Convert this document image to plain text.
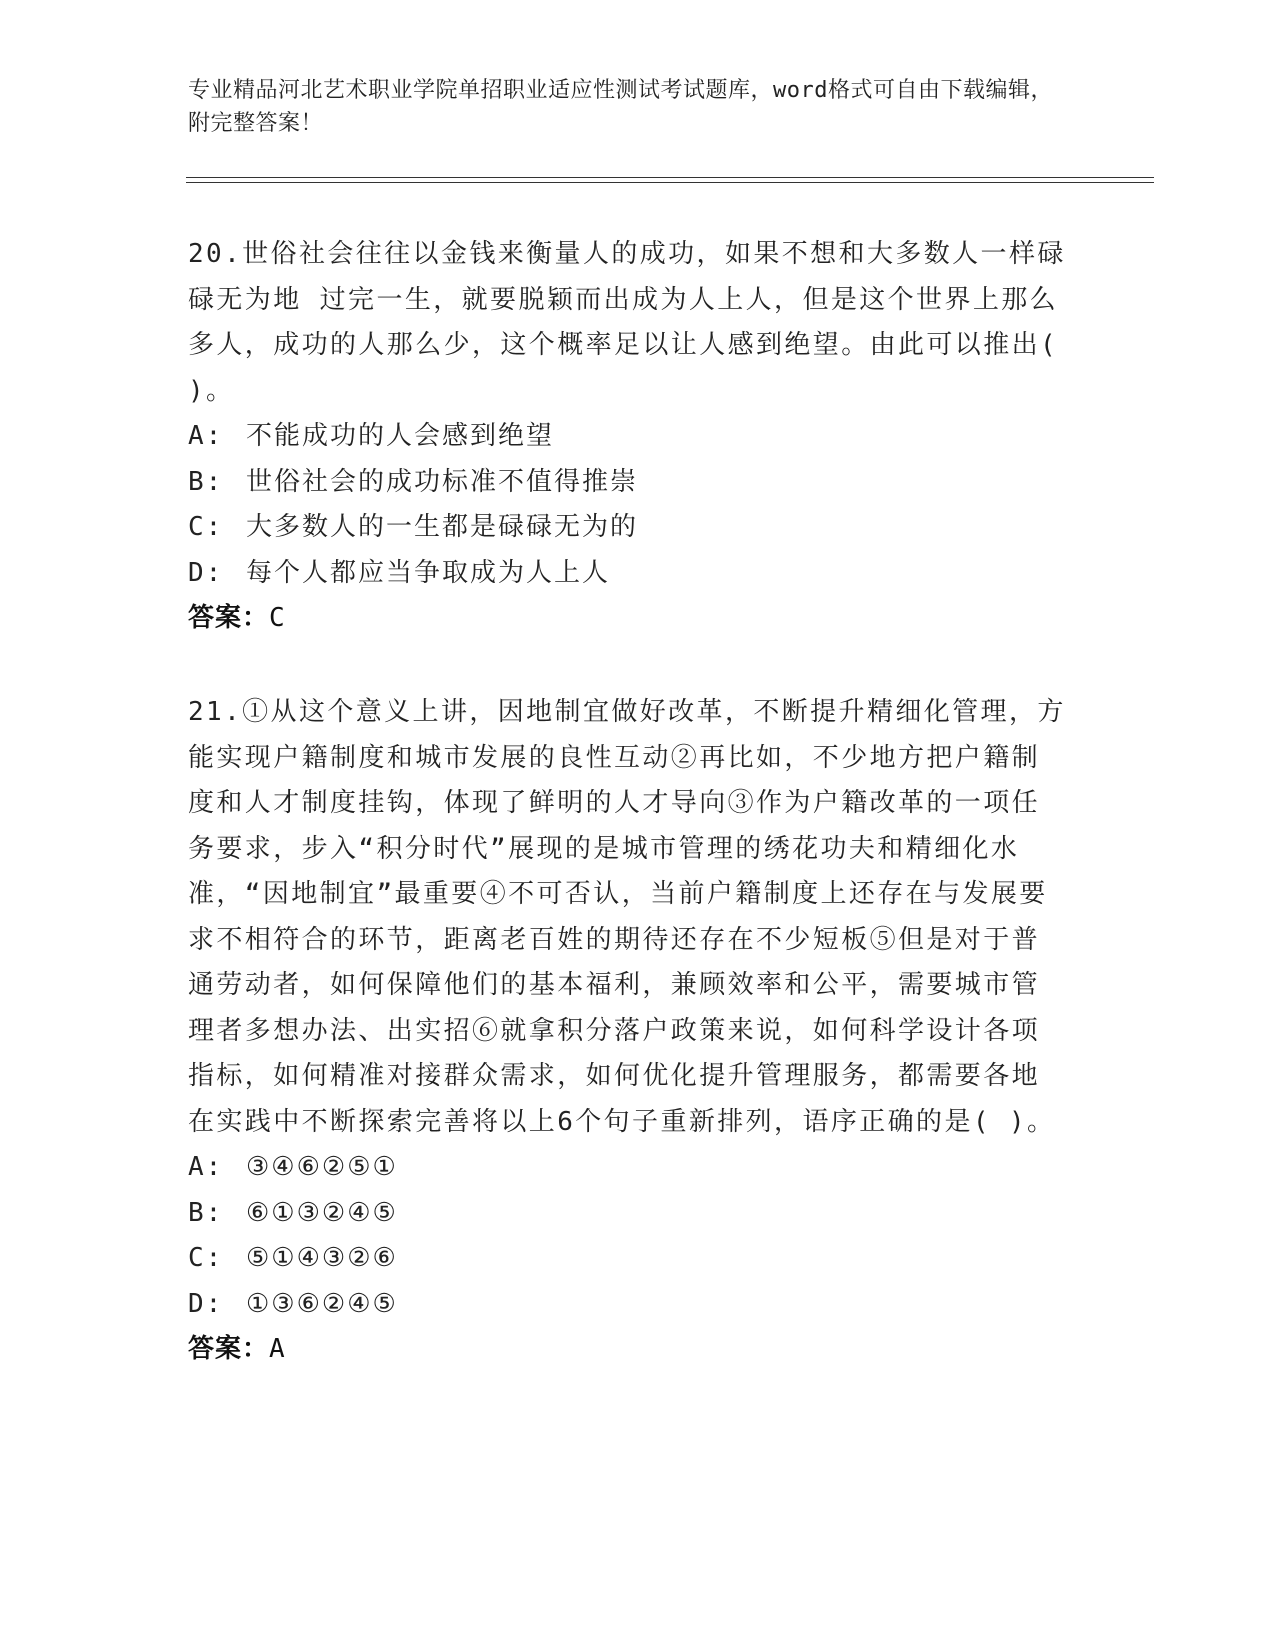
专业精品河北艺术职业学院单招职业适应性测试考试题库，word格式可自由下载编辑，附完整答案！

20.世俗社会往往以金钱来衡量人的成功，如果不想和大多数人一样碌碌无为地 过完一生，就要脱颖而出成为人上人，但是这个世界上那么多人，成功的人那么少，这个概率足以让人感到绝望。由此可以推出( )。

A: 不能成功的人会感到绝望
B: 世俗社会的成功标准不值得推崇
C: 大多数人的一生都是碌碌无为的
D: 每个人都应当争取成为人上人
答案：C

21.①从这个意义上讲，因地制宜做好改革，不断提升精细化管理，方能实现户籍制度和城市发展的良性互动②再比如，不少地方把户籍制度和人才制度挂钩，体现了鲜明的人才导向③作为户籍改革的一项任务要求，步入“积分时代”展现的是城市管理的绣花功夫和精细化水准，“因地制宜”最重要④不可否认，当前户籍制度上还存在与发展要求不相符合的环节，距离老百姓的期待还存在不少短板⑤但是对于普通劳动者，如何保障他们的基本福利，兼顾效率和公平，需要城市管理者多想办法、出实招⑥就拿积分落户政策来说，如何科学设计各项指标，如何精准对接群众需求，如何优化提升管理服务，都需要各地在实践中不断探索完善将以上6个句子重新排列，语序正确的是( )。

A: ③④⑥②⑤①
B: ⑥①③②④⑤
C: ⑤①④③②⑥
D: ①③⑥②④⑤
答案：A
